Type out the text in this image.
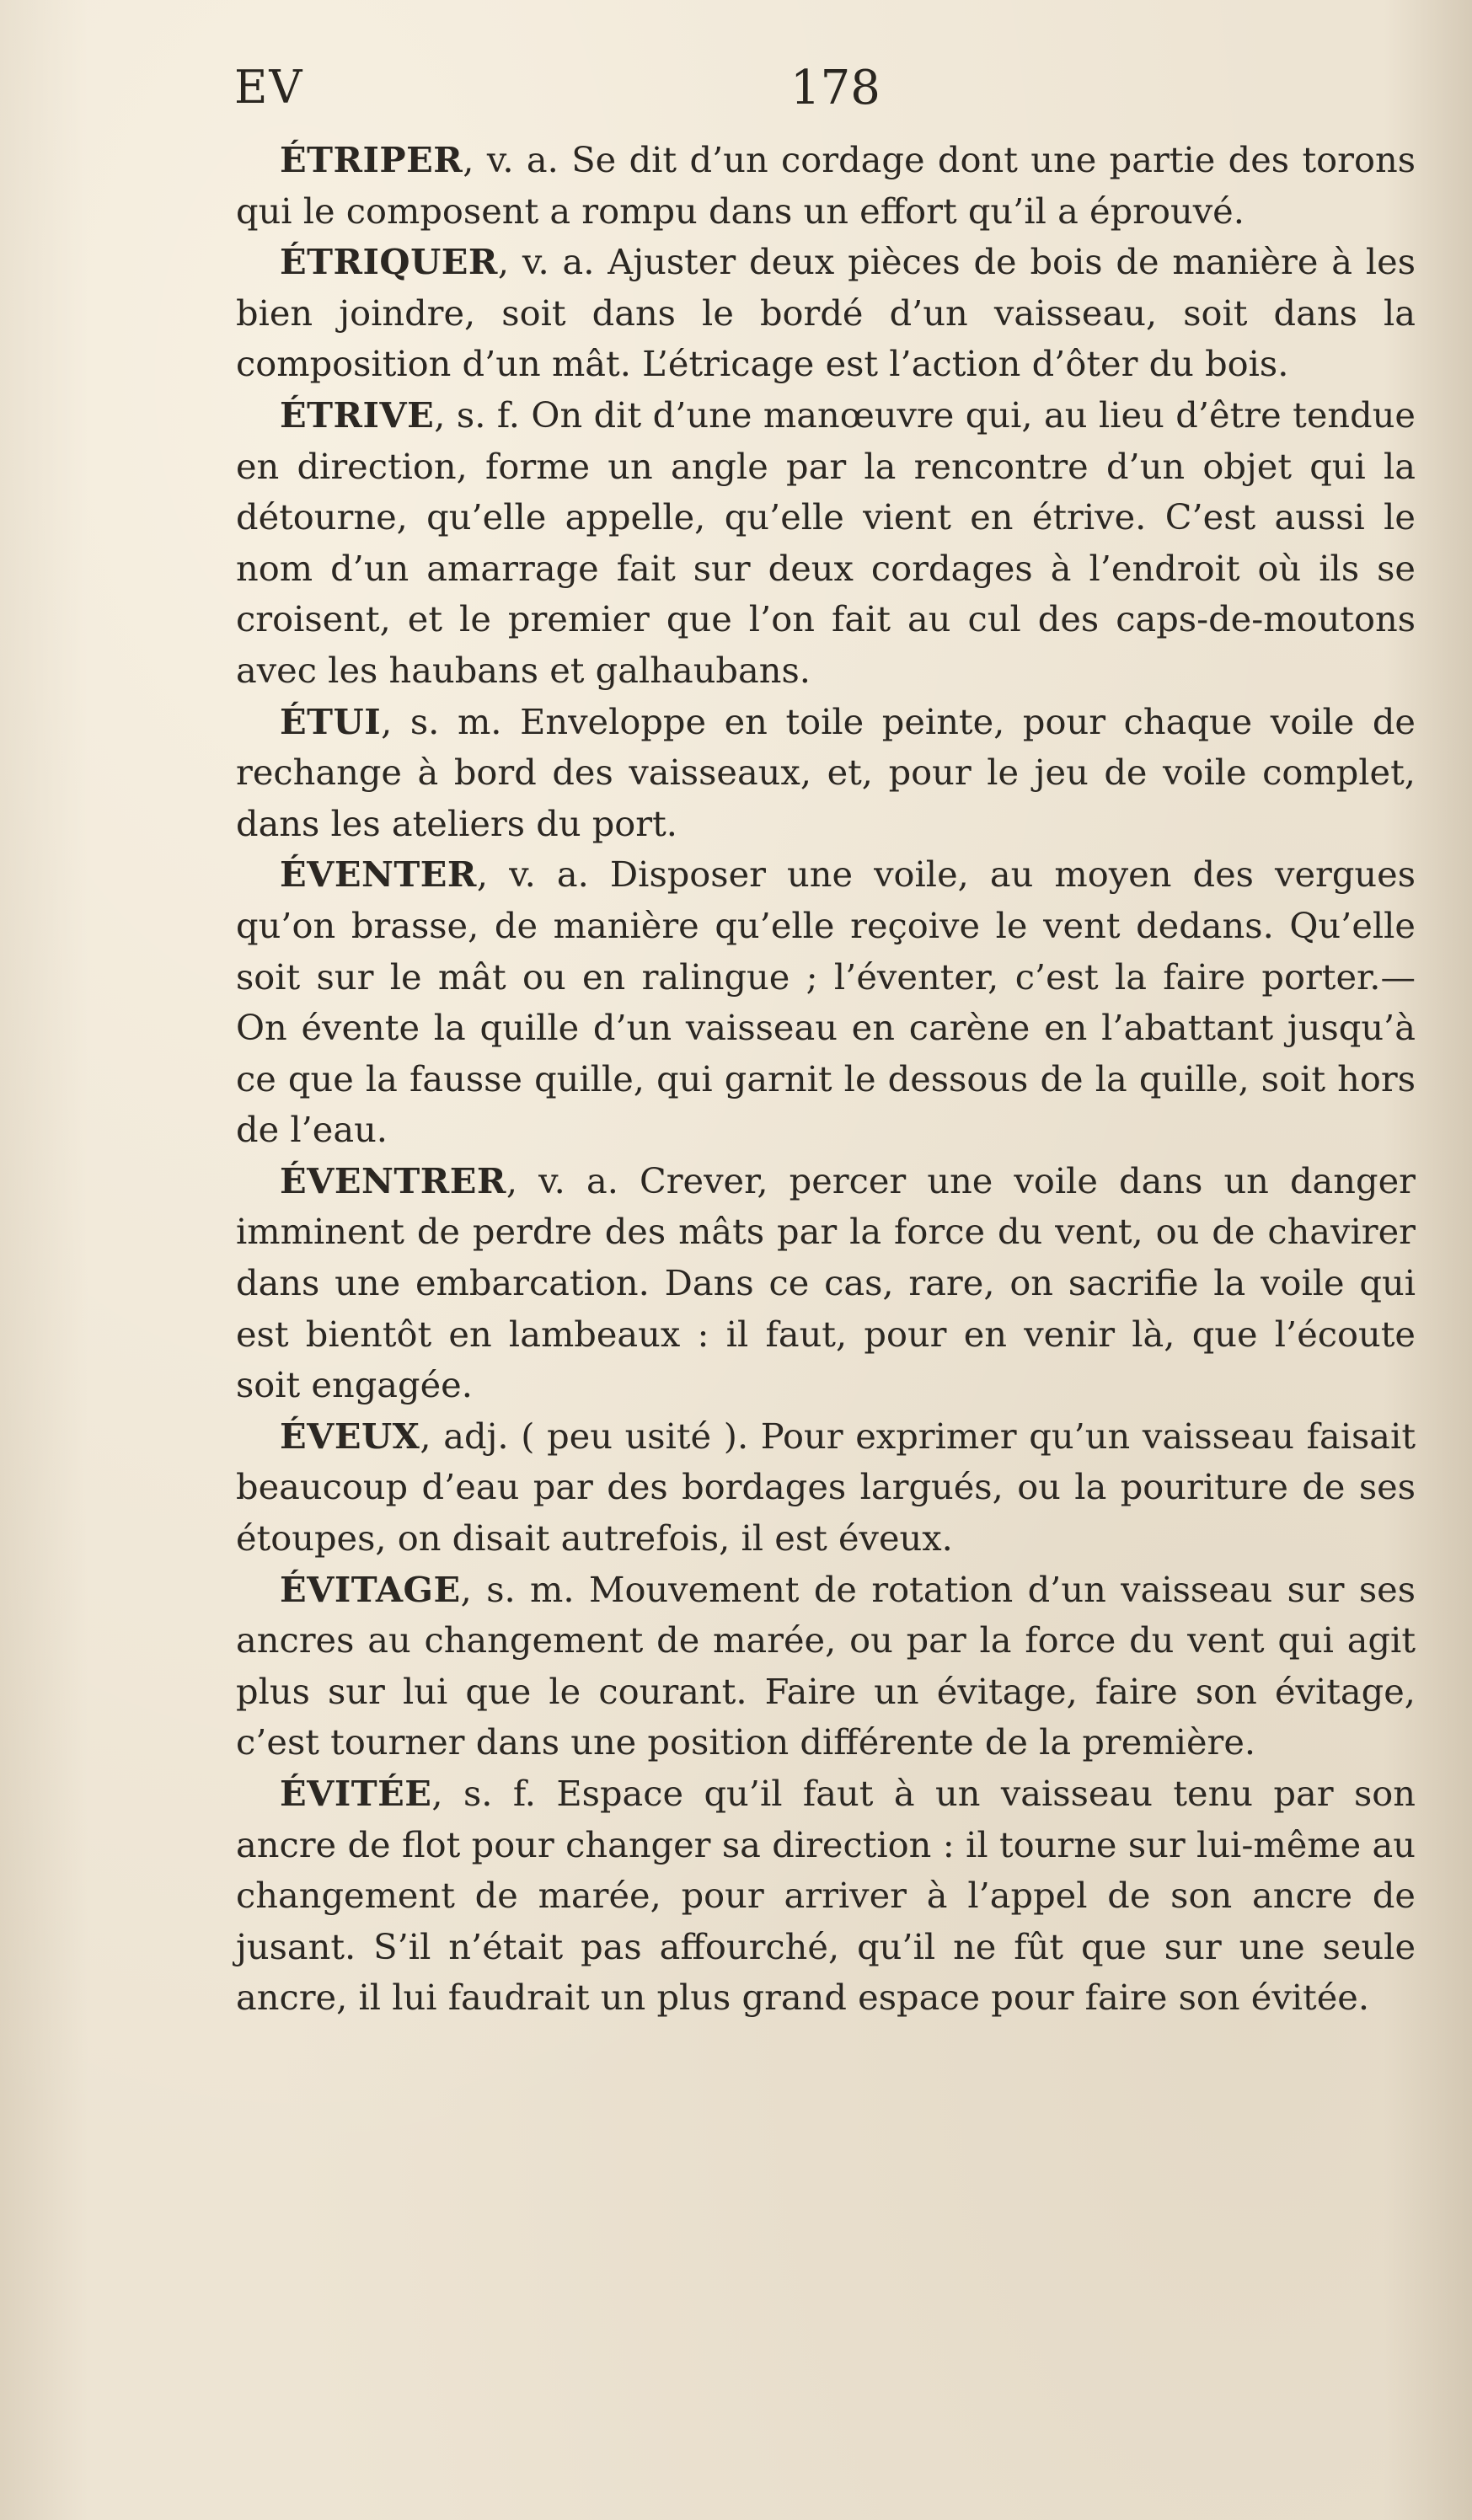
EV	178

ÉTRIPER, v. a. Se dit d’un cordage dont une partie des torons qui le composent a rompu dans un effort qu’il a éprouvé.

ÉTRIQUER, v. a. Ajuster deux pièces de bois de manière à les bien joindre, soit dans le bordé d’un vaisseau, soit dans la composition d’un mât. L’étricage est l’action d’ôter du bois.

ÉTRIVE, s. f. On dit d’une manœuvre qui, au lieu d’être tendue en direction, forme un angle par la rencontre d’un objet qui la détourne, qu’elle appelle, qu’elle vient en étrive. C’est aussi le nom d’un amarrage fait sur deux cordages à l’endroit où ils se croisent, et le premier que l’on fait au cul des caps-de-moutons avec les haubans et galhaubans.

ÉTUI, s. m. Enveloppe en toile peinte, pour chaque voile de rechange à bord des vaisseaux, et, pour le jeu de voile complet, dans les ateliers du port.

ÉVENTER, v. a. Disposer une voile, au moyen des vergues qu’on brasse, de manière qu’elle reçoive le vent dedans. Qu’elle soit sur le mât ou en ralingue ; l’éventer, c’est la faire porter.— On évente la quille d’un vaisseau en carène en l’abattant jusqu’à ce que la fausse quille, qui garnit le dessous de la quille, soit hors de l’eau.

ÉVENTRER, v. a. Crever, percer une voile dans un danger imminent de perdre des mâts par la force du vent, ou de chavirer dans une embarcation. Dans ce cas, rare, on sacrifie la voile qui est bientôt en lambeaux : il faut, pour en venir là, que l’écoute soit engagée.

ÉVEUX, adj. ( peu usité ). Pour exprimer qu’un vaisseau faisait beaucoup d’eau par des bordages largués, ou la pouriture de ses étoupes, on disait autrefois, il est éveux.

ÉVITAGE, s. m. Mouvement de rotation d’un vaisseau sur ses ancres au changement de marée, ou par la force du vent qui agit plus sur lui que le courant. Faire un évitage, faire son évitage, c’est tourner dans une position différente de la première.

ÉVITÉE, s. f. Espace qu’il faut à un vaisseau tenu par son ancre de flot pour changer sa direction : il tourne sur lui-même au changement de marée, pour arriver à l’appel de son ancre de jusant. S’il n’était pas affourché, qu’il ne fût que sur une seule ancre, il lui faudrait un plus grand espace pour faire son évitée.
